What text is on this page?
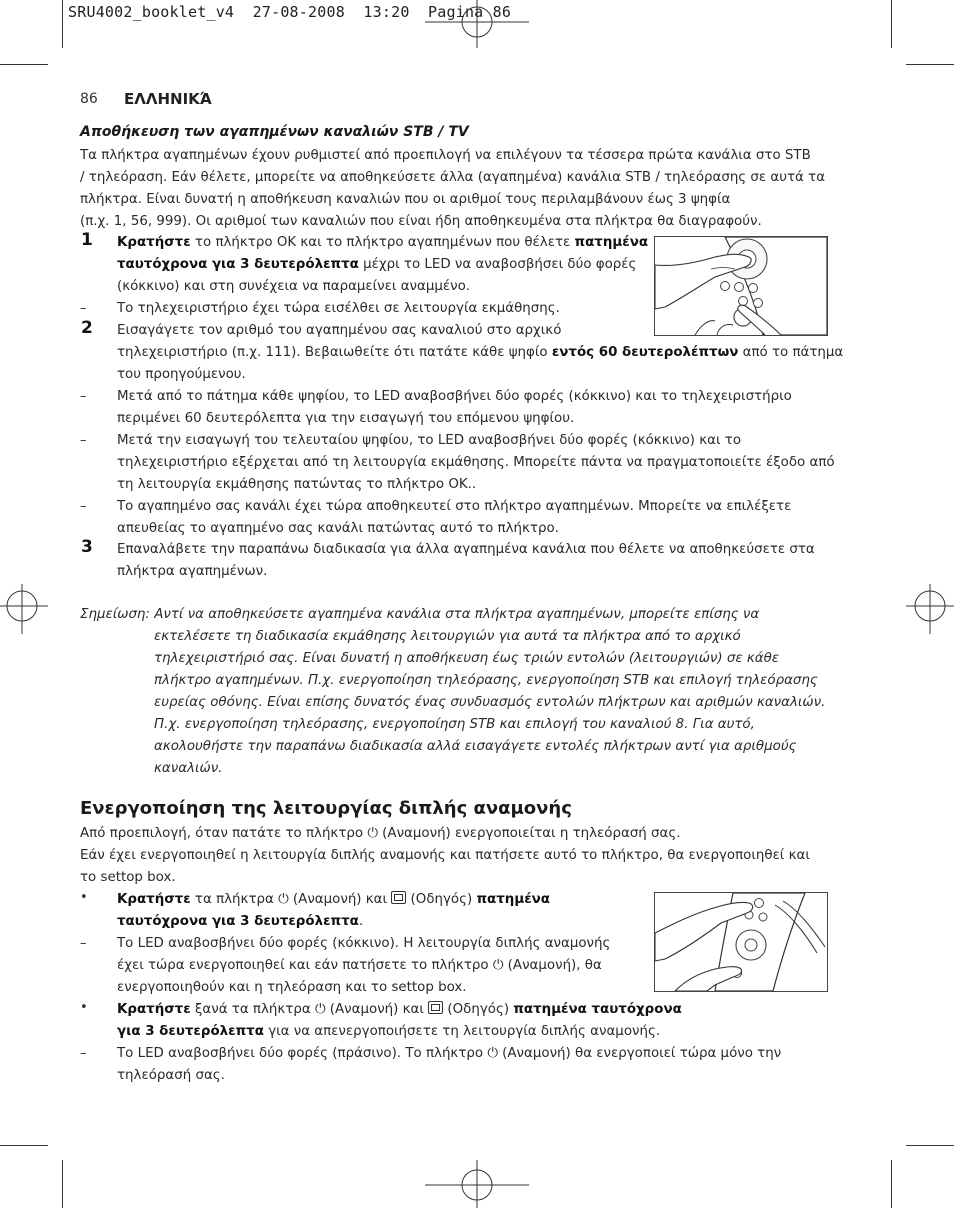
SRU4002_booklet_v4 27-08-2008 13:20 Pagina 86
86 ΕΛΛΗΝΙΚΆ
Αποθήκευση των αγαπημένων καναλιών STB / TV
Τα πλήκτρα αγαπημένων έχουν ρυθμιστεί από προεπιλογή να επιλέγουν τα τέσσερα πρώτα κανάλια στο STB
/ τηλεόραση. Εάν θέλετε, μπορείτε να αποθηκεύσετε άλλα (αγαπημένα) κανάλια STB / τηλεόρασης σε αυτά τα
πλήκτρα. Είναι δυνατή η αποθήκευση καναλιών που οι αριθμοί τους περιλαμβάνουν έως 3 ψηφία
(π.χ. 1, 56, 999). Οι αριθμοί των καναλιών που είναι ήδη αποθηκευμένα στα πλήκτρα θα διαγραφούν.
1 Κρατήστε το πλήκτρο OK και το πλήκτρο αγαπημένων που θέλετε πατημένα
ταυτόχρονα για 3 δευτερόλεπτα μέχρι το LED να αναβοσβήσει δύο φορές
(κόκκινο) και στη συνέχεια να παραμείνει αναμμένο.
– Το τηλεχειριστήριο έχει τώρα εισέλθει σε λειτουργία εκμάθησης.
2 Εισαγάγετε τον αριθμό του αγαπημένου σας καναλιού στο αρχικό
τηλεχειριστήριο (π.χ. 111). Βεβαιωθείτε ότι πατάτε κάθε ψηφίο εντός 60 δευτερολέπτων από το πάτημα
του προηγούμενου.
– Μετά από το πάτημα κάθε ψηφίου, το LED αναβοσβήνει δύο φορές (κόκκινο) και το τηλεχειριστήριο
περιμένει 60 δευτερόλεπτα για την εισαγωγή του επόμενου ψηφίου.
– Μετά την εισαγωγή του τελευταίου ψηφίου, το LED αναβοσβήνει δύο φορές (κόκκινο) και το
τηλεχειριστήριο εξέρχεται από τη λειτουργία εκμάθησης. Μπορείτε πάντα να πραγματοποιείτε έξοδο από
τη λειτουργία εκμάθησης πατώντας το πλήκτρο OK..
– Το αγαπημένο σας κανάλι έχει τώρα αποθηκευτεί στο πλήκτρο αγαπημένων. Μπορείτε να επιλέξετε
απευθείας το αγαπημένο σας κανάλι πατώντας αυτό το πλήκτρο.
3 Επαναλάβετε την παραπάνω διαδικασία για άλλα αγαπημένα κανάλια που θέλετε να αποθηκεύσετε στα
πλήκτρα αγαπημένων.
Σημείωση: Αντί να αποθηκεύσετε αγαπημένα κανάλια στα πλήκτρα αγαπημένων, μπορείτε επίσης να
εκτελέσετε τη διαδικασία εκμάθησης λειτουργιών για αυτά τα πλήκτρα από το αρχικό
τηλεχειριστήριό σας. Είναι δυνατή η αποθήκευση έως τριών εντολών (λειτουργιών) σε κάθε
πλήκτρο αγαπημένων. Π.χ. ενεργοποίηση τηλεόρασης, ενεργοποίηση STB και επιλογή τηλεόρασης
ευρείας οθόνης. Είναι επίσης δυνατός ένας συνδυασμός εντολών πλήκτρων και αριθμών καναλιών.
Π.χ. ενεργοποίηση τηλεόρασης, ενεργοποίηση STB και επιλογή του καναλιού 8. Για αυτό,
ακολουθήστε την παραπάνω διαδικασία αλλά εισαγάγετε εντολές πλήκτρων αντί για αριθμούς
καναλιών.
Ενεργοποίηση της λειτουργίας διπλής αναμονής
Από προεπιλογή, όταν πατάτε το πλήκτρο ⏻ (Αναμονή) ενεργοποιείται η τηλεόρασή σας.
Εάν έχει ενεργοποιηθεί η λειτουργία διπλής αναμονής και πατήσετε αυτό το πλήκτρο, θα ενεργοποιηθεί και
το settop box.
• Κρατήστε τα πλήκτρα ⏻ (Αναμονή) και
(Οδηγός) πατημένα
ταυτόχρονα για 3 δευτερόλεπτα.
– Το LED αναβοσβήνει δύο φορές (κόκκινο). Η λειτουργία διπλής αναμονής
έχει τώρα ενεργοποιηθεί και εάν πατήσετε το πλήκτρο ⏻ (Αναμονή), θα
ενεργοποιηθούν και η τηλεόραση και το settop box.
• Κρατήστε ξανά τα πλήκτρα ⏻ (Αναμονή) και
(Οδηγός) πατημένα ταυτόχρονα
για 3 δευτερόλεπτα για να απενεργοποιήσετε τη λειτουργία διπλής αναμονής.
– Το LED αναβοσβήνει δύο φορές (πράσινο). Το πλήκτρο ⏻ (Αναμονή) θα ενεργοποιεί τώρα μόνο την
τηλεόρασή σας.
